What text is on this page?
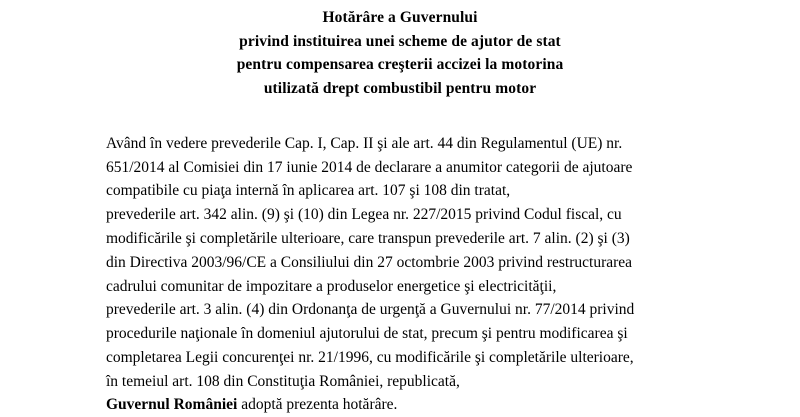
Hotărâre a Guvernului
privind instituirea unei scheme de ajutor de stat
pentru compensarea creşterii accizei la motorina
utilizată drept combustibil pentru motor

Având în vedere prevederile Cap. I, Cap. II şi ale art. 44 din Regulamentul (UE) nr.
651/2014 al Comisiei din 17 iunie 2014 de declarare a anumitor categorii de ajutoare
compatibile cu piaţa internă în aplicarea art. 107 şi 108 din tratat,
prevederile art. 342 alin. (9) şi (10) din Legea nr. 227/2015 privind Codul fiscal, cu
modificările şi completările ulterioare, care transpun prevederile art. 7 alin. (2) şi (3)
din Directiva 2003/96/CE a Consiliului din 27 octombrie 2003 privind restructurarea
cadrului comunitar de impozitare a produselor energetice şi electricităţii,
prevederile art. 3 alin. (4) din Ordonanţa de urgenţă a Guvernului nr. 77/2014 privind
procedurile naţionale în domeniul ajutorului de stat, precum şi pentru modificarea şi
completarea Legii concurenţei nr. 21/1996, cu modificările şi completările ulterioare,
în temeiul art. 108 din Constituţia României, republicată,

Guvernul României adoptă prezenta hotărâre.
